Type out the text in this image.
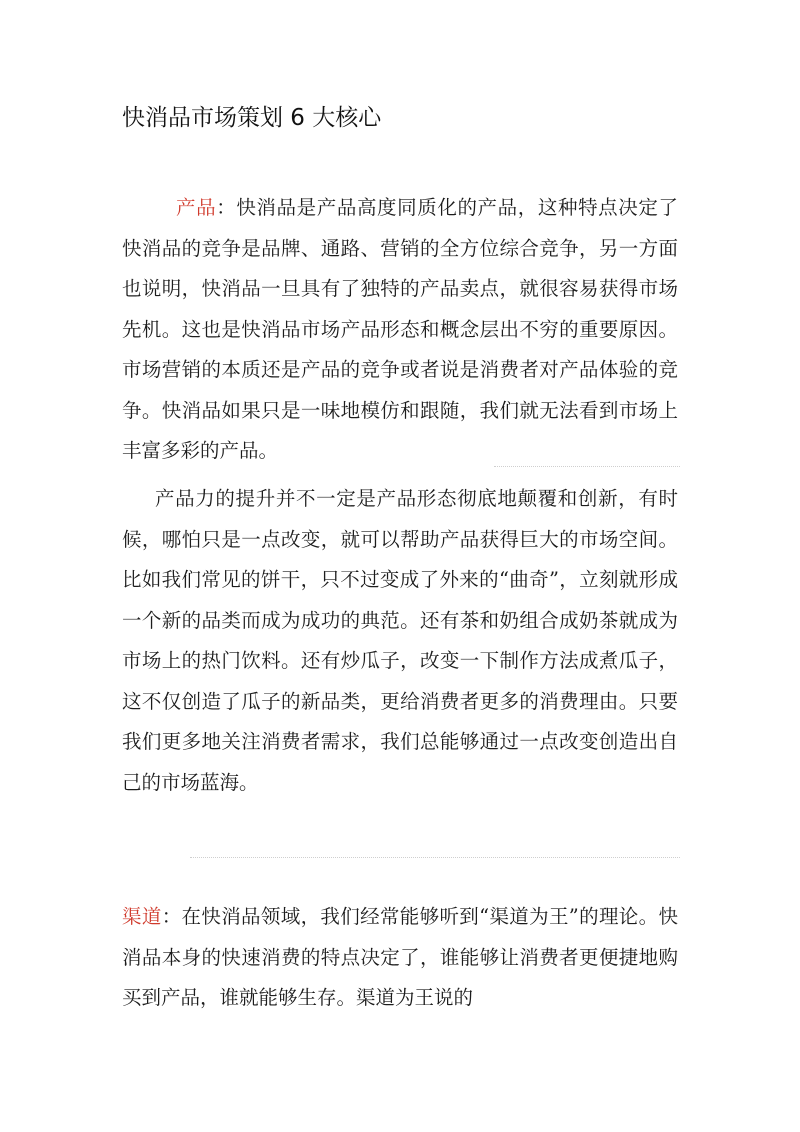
快消品市场策划 6 大核心

产品：快消品是产品高度同质化的产品，这种特点决定了快消品的竞争是品牌、通路、营销的全方位综合竞争，另一方面也说明，快消品一旦具有了独特的产品卖点，就很容易获得市场先机。这也是快消品市场产品形态和概念层出不穷的重要原因。市场营销的本质还是产品的竞争或者说是消费者对产品体验的竞争。快消品如果只是一味地模仿和跟随，我们就无法看到市场上丰富多彩的产品。

产品力的提升并不一定是产品形态彻底地颠覆和创新，有时候，哪怕只是一点改变，就可以帮助产品获得巨大的市场空间。比如我们常见的饼干，只不过变成了外来的“曲奇”，立刻就形成一个新的品类而成为成功的典范。还有茶和奶组合成奶茶就成为市场上的热门饮料。还有炒瓜子，改变一下制作方法成煮瓜子，这不仅创造了瓜子的新品类，更给消费者更多的消费理由。只要我们更多地关注消费者需求，我们总能够通过一点改变创造出自己的市场蓝海。

渠道：在快消品领域，我们经常能够听到“渠道为王”的理论。快消品本身的快速消费的特点决定了，谁能够让消费者更便捷地购买到产品，谁就能够生存。渠道为王说的
